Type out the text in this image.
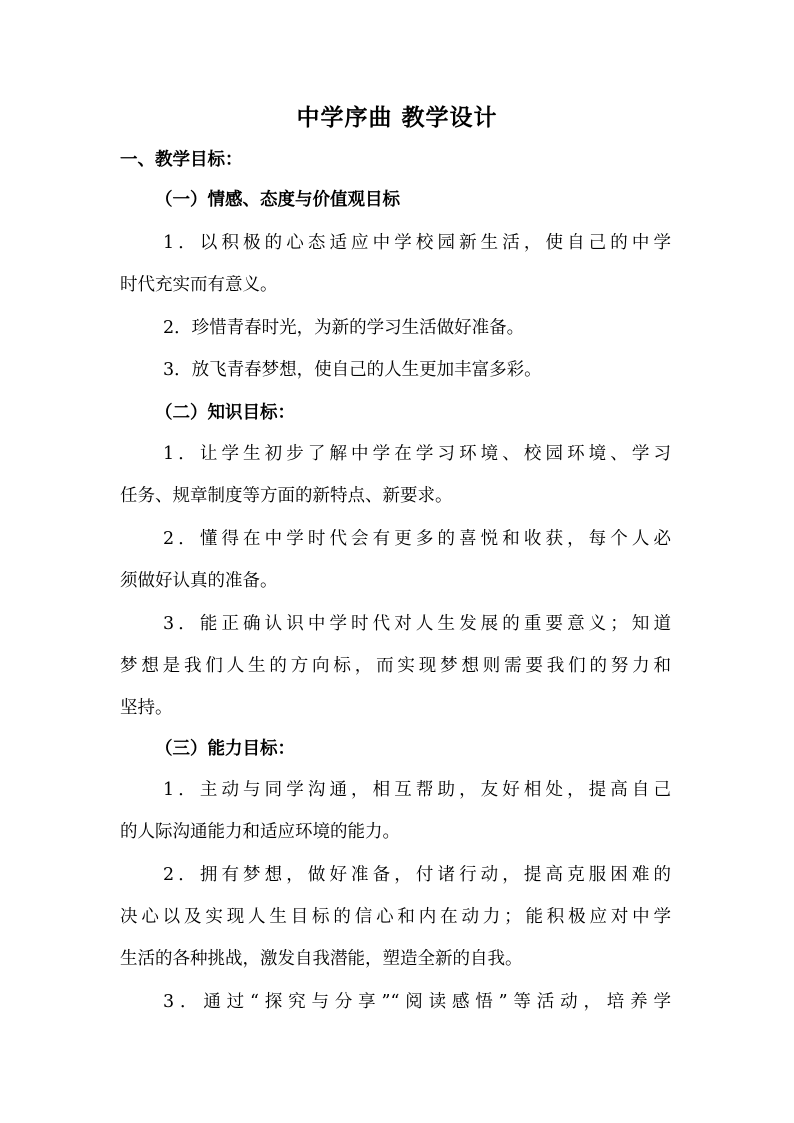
中学序曲 教学设计
一、教学目标：
（一）情感、态度与价值观目标
1．以积极的心态适应中学校园新生活，使自己的中学
时代充实而有意义。
2．珍惜青春时光，为新的学习生活做好准备。
3．放飞青春梦想，使自己的人生更加丰富多彩。
（二）知识目标：
1．让学生初步了解中学在学习环境、校园环境、学习
任务、规章制度等方面的新特点、新要求。
2．懂得在中学时代会有更多的喜悦和收获，每个人必
须做好认真的准备。
3．能正确认识中学时代对人生发展的重要意义；知道
梦想是我们人生的方向标，而实现梦想则需要我们的努力和
坚持。
（三）能力目标：
1．主动与同学沟通，相互帮助，友好相处，提高自己
的人际沟通能力和适应环境的能力。
2．拥有梦想，做好准备，付诸行动，提高克服困难的
决心以及实现人生目标的信心和内在动力；能积极应对中学
生活的各种挑战，激发自我潜能，塑造全新的自我。
3．通过“探究与分享”“阅读感悟”等活动，培养学
